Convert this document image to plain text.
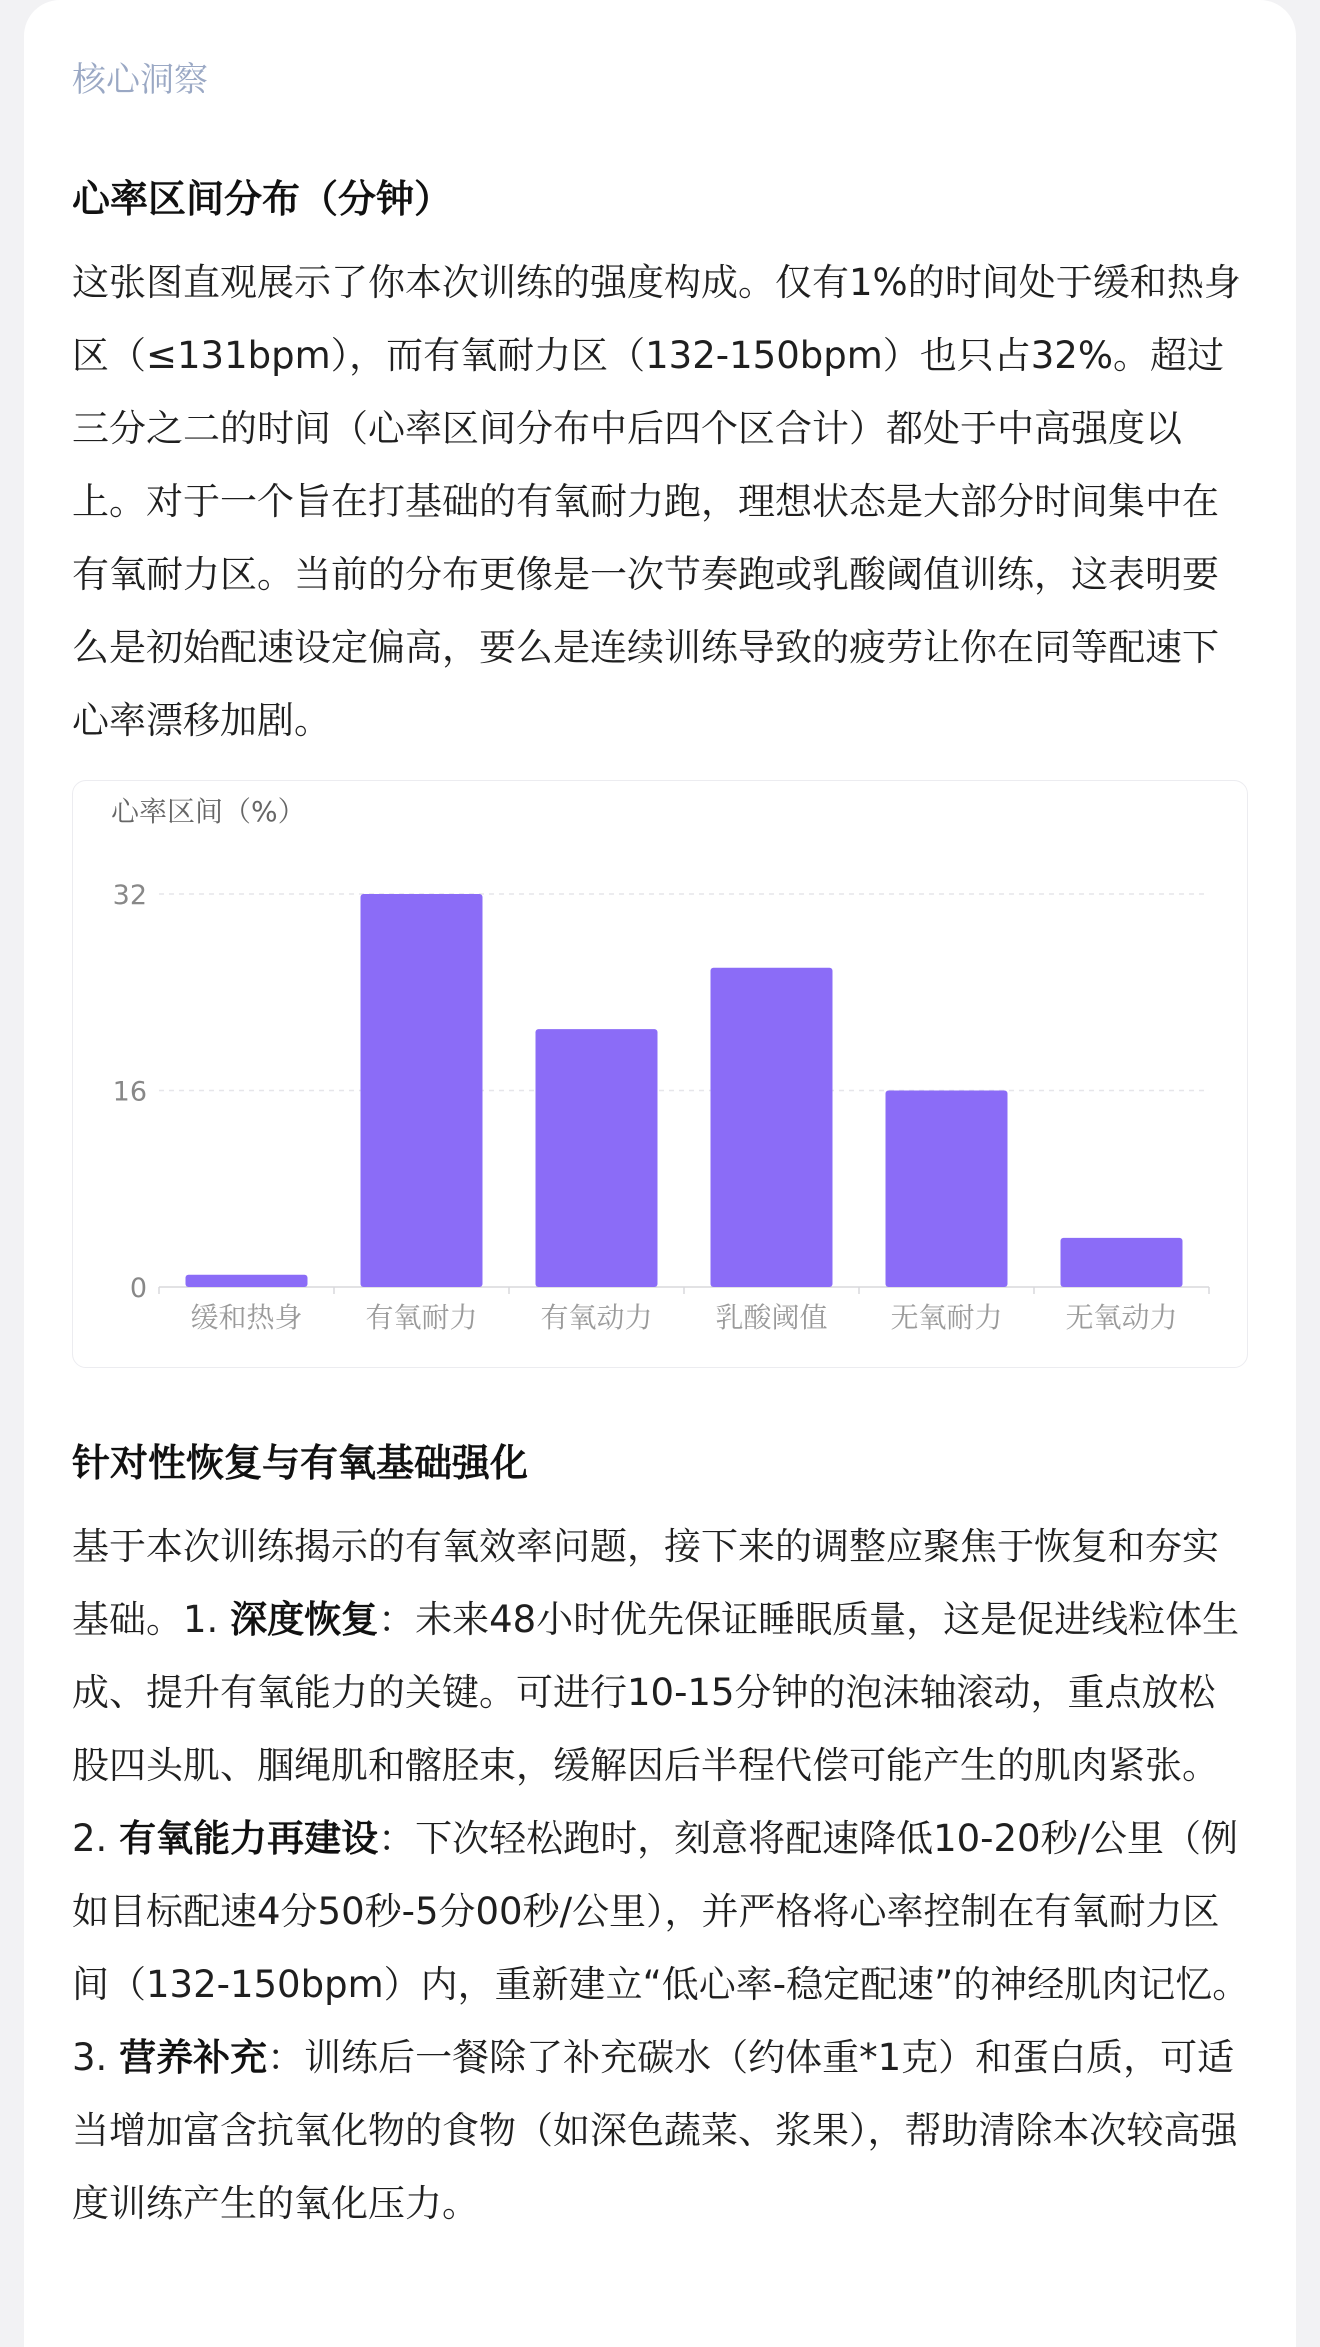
核心洞察
心率区间分布（分钟）

这张图直观展示了你本次训练的强度构成。仅有1%的时间处于缓和热身区（≤131bpm），而有氧耐力区（132-150bpm）也只占32%。超过三分之二的时间（心率区间分布中后四个区合计）都处于中高强度以上。对于一个旨在打基础的有氧耐力跑，理想状态是大部分时间集中在有氧耐力区。当前的分布更像是一次节奏跑或乳酸阈值训练，这表明要么是初始配速设定偏高，要么是连续训练导致的疲劳让你在同等配速下心率漂移加剧。

心率区间（%）
0
16
32
缓和热身 有氧耐力 有氧动力 乳酸阈值 无氧耐力 无氧动力
针对性恢复与有氧基础强化

基于本次训练揭示的有氧效率问题，接下来的调整应聚焦于恢复和夯实基础。1. 深度恢复：未来48小时优先保证睡眠质量，这是促进线粒体生成、提升有氧能力的关键。可进行10-15分钟的泡沫轴滚动，重点放松股四头肌、腘绳肌和髂胫束，缓解因后半程代偿可能产生的肌肉紧张。2. 有氧能力再建设：下次轻松跑时，刻意将配速降低10-20秒/公里（例如目标配速4分50秒-5分00秒/公里），并严格将心率控制在有氧耐力区间（132-150bpm）内，重新建立“低心率-稳定配速”的神经肌肉记忆。3. 营养补充：训练后一餐除了补充碳水（约体重*1克）和蛋白质，可适当增加富含抗氧化物的食物（如深色蔬菜、浆果），帮助清除本次较高强度训练产生的氧化压力。
